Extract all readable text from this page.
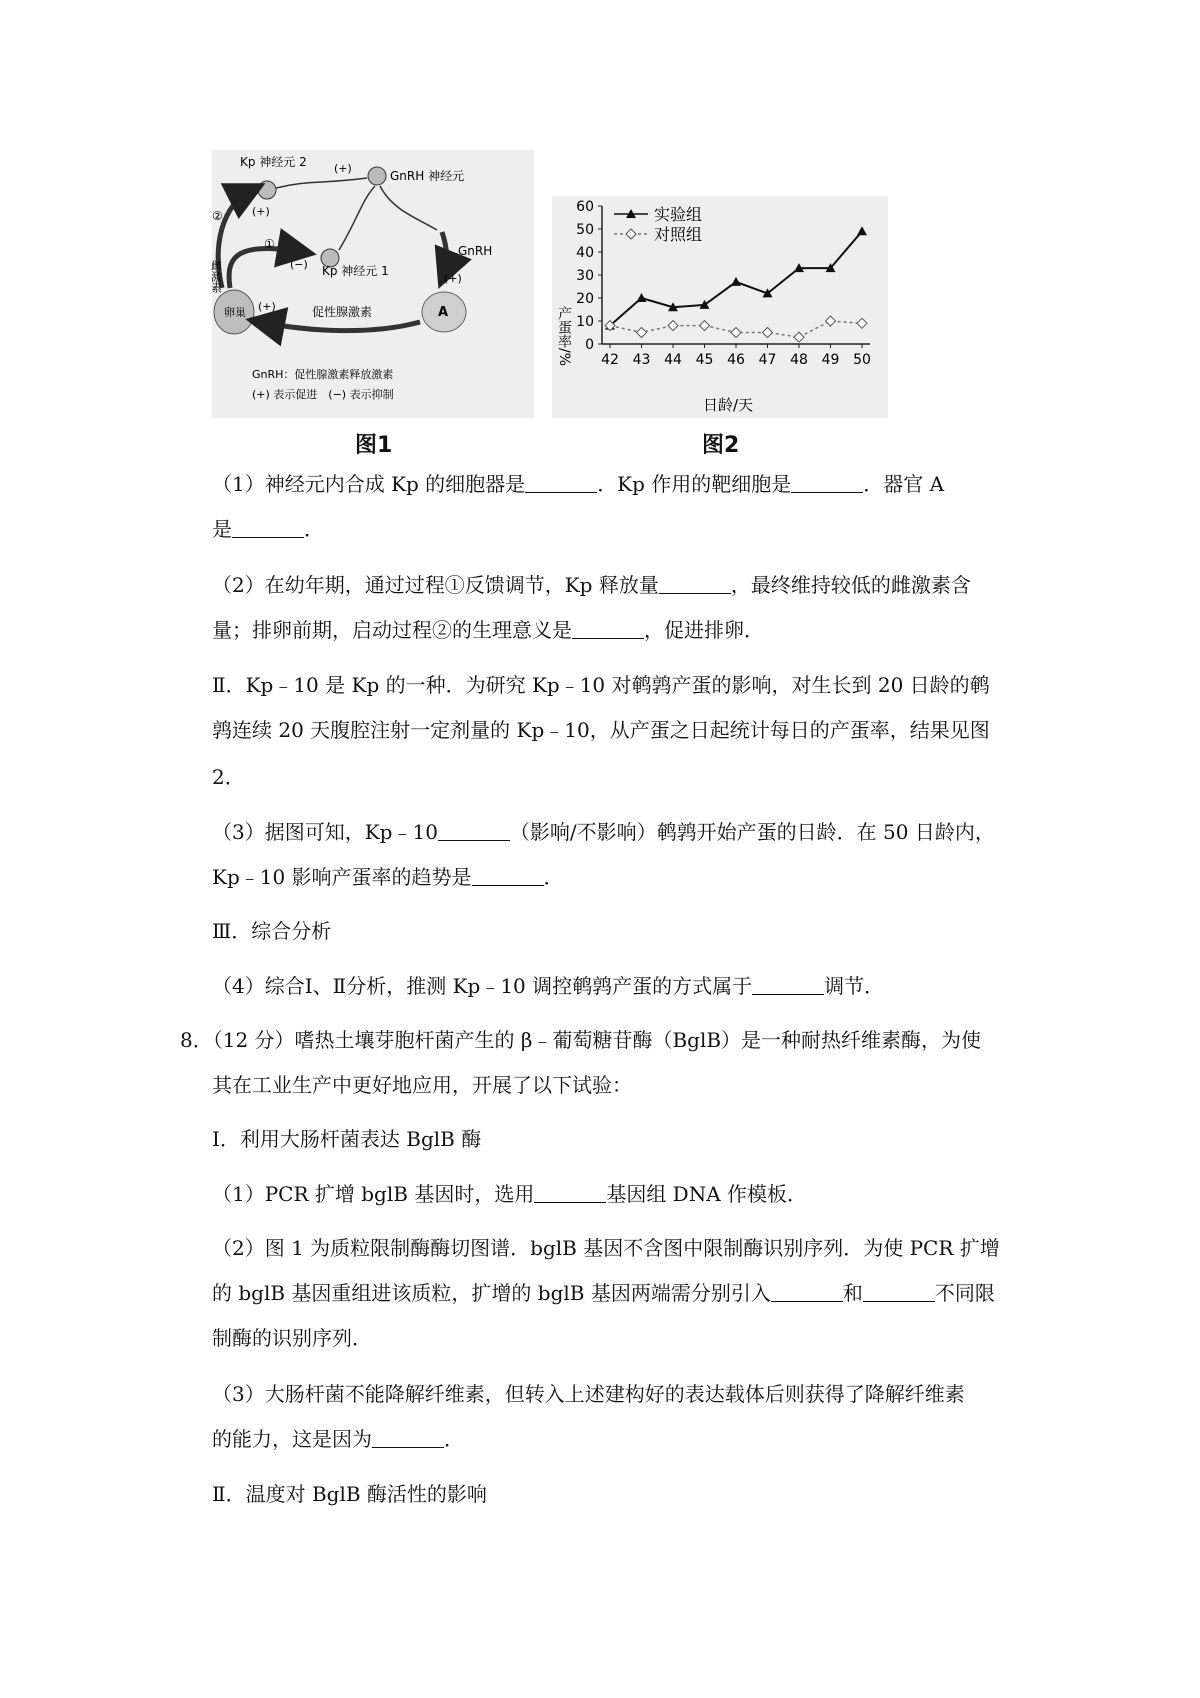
Kp 神经元 2
(+)
GnRH 神经元
(+)
Kp 神经元 1
(−)
GnRH
(+)
A
卵巢 (+)	促性腺激素
①
②
雌激素
GnRH：促性腺激素释放激素
(+) 表示促进　(−) 表示抑制
0
10
20
30
40
50
60
42 43 44 45 46 47 48 49 50
实验组
对照组
产蛋率/%
日龄/天
图1	图2
（1）神经元内合成 Kp 的细胞器是	．Kp 作用的靶细胞是	．器官 A
是	．
（2）在幼年期，通过过程①反馈调节，Kp 释放量	，最终维持较低的雌激素含
量；排卵前期，启动过程②的生理意义是	，促进排卵．
Ⅱ．Kp﹣10 是 Kp 的一种．为研究 Kp﹣10 对鹌鹑产蛋的影响，对生长到 20 日龄的鹌
鹑连续 20 天腹腔注射一定剂量的 Kp﹣10，从产蛋之日起统计每日的产蛋率，结果见图
2．
（3）据图可知，Kp﹣10	（影响/不影响）鹌鹑开始产蛋的日龄．在 50 日龄内，
Kp﹣10 影响产蛋率的趋势是	．
Ⅲ．综合分析
（4）综合Ⅰ、Ⅱ分析，推测 Kp﹣10 调控鹌鹑产蛋的方式属于	调节．
8．（12 分）嗜热土壤芽胞杆菌产生的 β﹣葡萄糖苷酶（BglB）是一种耐热纤维素酶，为使
其在工业生产中更好地应用，开展了以下试验：
Ⅰ．利用大肠杆菌表达 BglB 酶
（1）PCR 扩增 bglB 基因时，选用	基因组 DNA 作模板．
（2）图 1 为质粒限制酶酶切图谱．bglB 基因不含图中限制酶识别序列．为使 PCR 扩增
的 bglB 基因重组进该质粒，扩增的 bglB 基因两端需分别引入	和	不同限
制酶的识别序列．
（3）大肠杆菌不能降解纤维素，但转入上述建构好的表达载体后则获得了降解纤维素
的能力，这是因为	．
Ⅱ．温度对 BglB 酶活性的影响
